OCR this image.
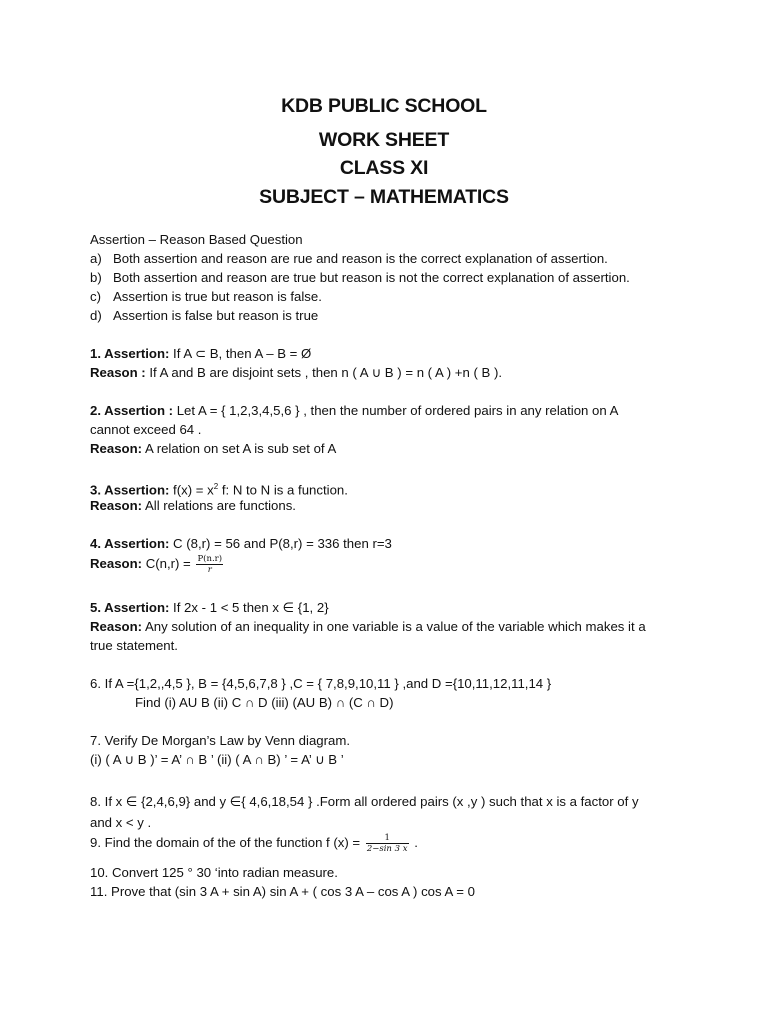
KDB PUBLIC SCHOOL
WORK SHEET
CLASS XI
SUBJECT – MATHEMATICS
Assertion – Reason Based Question
a) Both assertion and reason are rue and reason is the correct explanation of assertion.
b) Both assertion and reason are true but reason is not the correct explanation of assertion.
c) Assertion is true but reason is false.
d) Assertion is false but reason is true
1. Assertion: If A ⊂ B, then A – B = Ø
Reason : If A and B are disjoint sets , then n ( A ∪ B ) = n ( A ) +n ( B ).
2. Assertion : Let A = { 1,2,3,4,5,6 } , then the number of ordered pairs in any relation on A
cannot exceed 64 .
Reason: A relation on set A is sub set of A
3. Assertion: $f(x) = x^2$ f: N to N is a function.
Reason: All relations are functions.
4. Assertion: C (8,r) = 56 and P(8,r) = 336 then r=3
Reason: $C(n,r) = \frac{P(n.r)}{r}$
5. Assertion: If 2x - 1 < 5 then x ∈ {1, 2}
Reason: Any solution of an inequality in one variable is a value of the variable which makes it a
true statement.
6. If A ={1,2,,4,5 }, B = {4,5,6,7,8 } ,C = { 7,8,9,10,11 } ,and D ={10,11,12,11,14 }
Find (i) AU B (ii) C ∩ D (iii) (AU B) ∩ (C ∩ D)
7. Verify De Morgan’s Law by Venn diagram.
(i) ( A ∪ B )’ = A’ ∩ B ’ (ii) ( A ∩ B) ’ = A’ ∪ B ’
8. If x ∈ {2,4,6,9} and y ∈{ 4,6,18,54 } .Form all ordered pairs (x ,y ) such that x is a factor of y
and x < y .
9. Find the domain of the of the function f $(x) = \frac{1}{2-\sin 3 x}$ .
10. Convert 125 ° 30 ‘into radian measure.
11. Prove that (sin 3 A + sin A) sin A + ( cos 3 A – cos A ) cos A = 0
